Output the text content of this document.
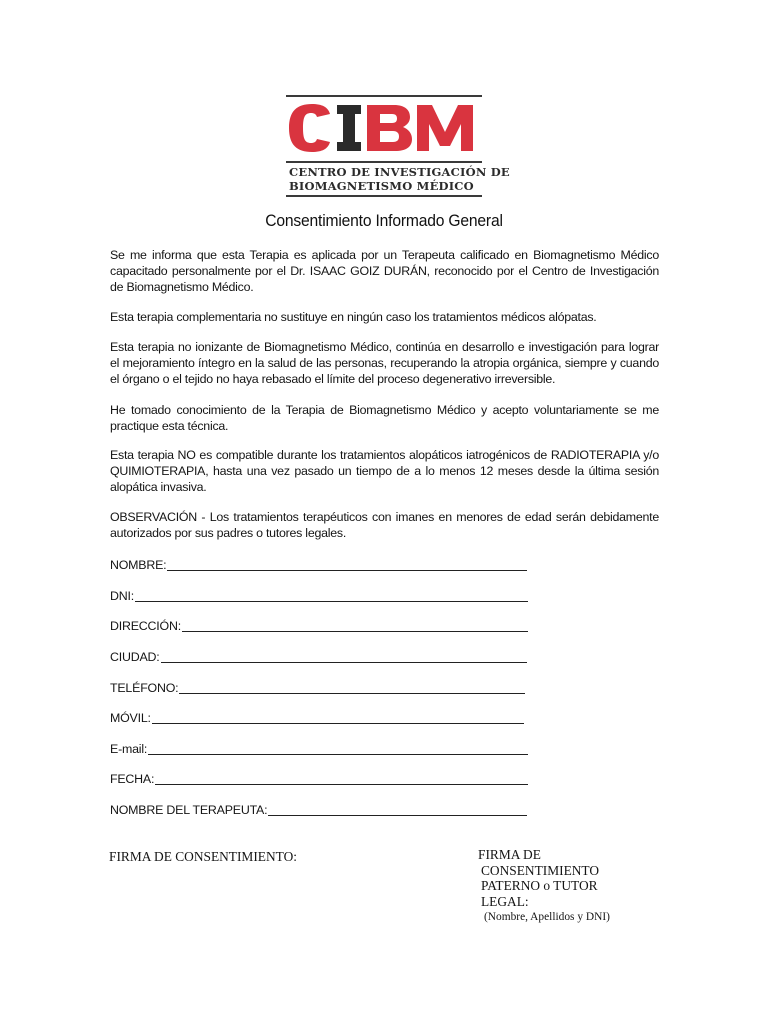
CENTRO DE INVESTIGACIÓN DE
BIOMAGNETISMO MÉDICO
Consentimiento Informado General
Se me informa que esta Terapia es aplicada por un Terapeuta calificado en Biomagnetismo Médico capacitado personalmente por el Dr. ISAAC GOIZ DURÁN, reconocido por el Centro de Investigación de Biomagnetismo Médico.
Esta terapia complementaria no sustituye en ningún caso los tratamientos médicos alópatas.
Esta terapia no ionizante de Biomagnetismo Médico, continúa en desarrollo e investigación para lograr el mejoramiento íntegro en la salud de las personas, recuperando la atropia orgánica, siempre y cuando el órgano o el tejido no haya rebasado el límite del proceso degenerativo irreversible.
He tomado conocimiento de la Terapia de Biomagnetismo Médico y acepto voluntariamente se me practique esta técnica.
Esta terapia NO es compatible durante los tratamientos alopáticos iatrogénicos de RADIOTERAPIA y/o QUIMIOTERAPIA, hasta una vez pasado un tiempo de a lo menos 12 meses desde la última sesión alopática invasiva.
OBSERVACIÓN - Los tratamientos terapéuticos con imanes en menores de edad serán debidamente autorizados por sus padres o tutores legales.
NOMBRE:
DNI:
DIRECCIÓN:
CIUDAD:
TELÉFONO:
MÓVIL:
E-mail:
FECHA:
NOMBRE DEL TERAPEUTA:
FIRMA DE CONSENTIMIENTO:	FIRMA DE
CONSENTIMIENTO
PATERNO o TUTOR
LEGAL:
(Nombre, Apellidos y DNI)
